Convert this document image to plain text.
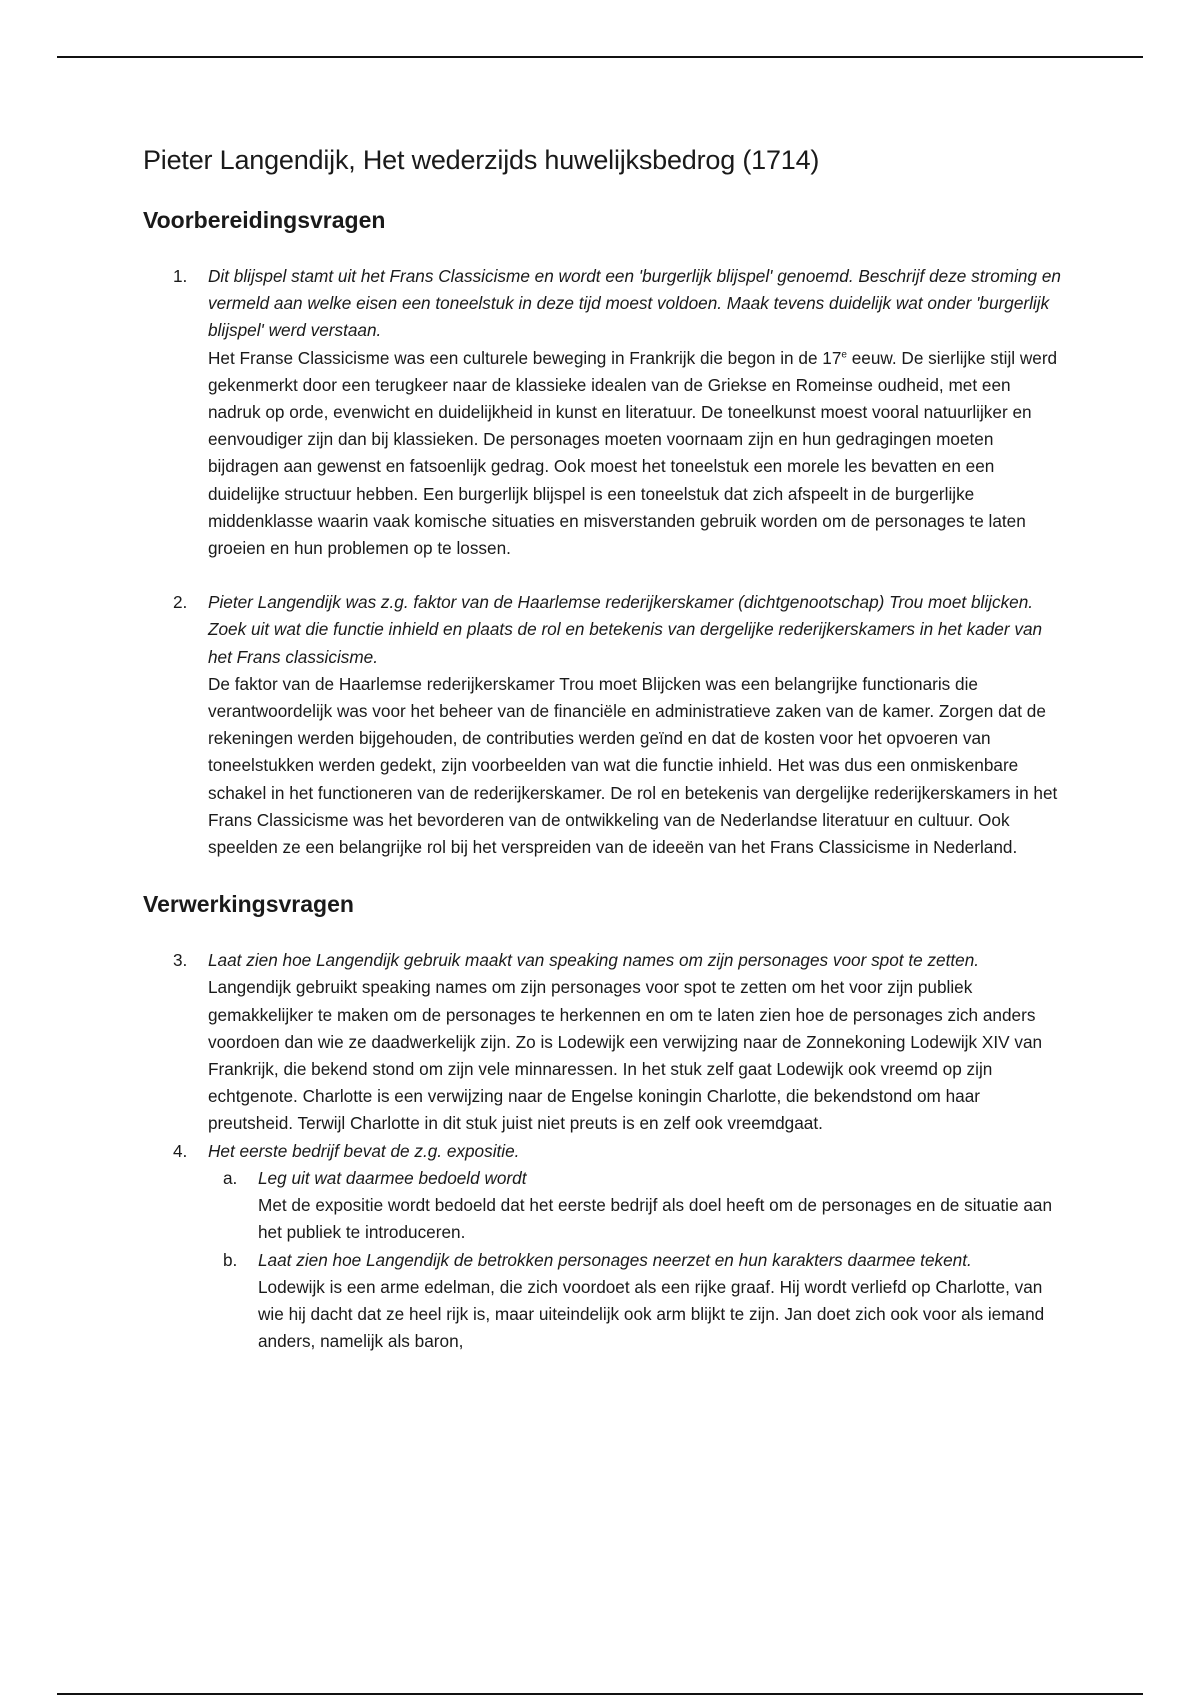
Pieter Langendijk, Het wederzijds huwelijksbedrog (1714)
Voorbereidingsvragen
1. Dit blijspel stamt uit het Frans Classicisme en wordt een 'burgerlijk blijspel' genoemd. Beschrijf deze stroming en vermeld aan welke eisen een toneelstuk in deze tijd moest voldoen. Maak tevens duidelijk wat onder 'burgerlijk blijspel' werd verstaan.
Het Franse Classicisme was een culturele beweging in Frankrijk die begon in de 17e eeuw. De sierlijke stijl werd gekenmerkt door een terugkeer naar de klassieke idealen van de Griekse en Romeinse oudheid, met een nadruk op orde, evenwicht en duidelijkheid in kunst en literatuur. De toneelkunst moest vooral natuurlijker en eenvoudiger zijn dan bij klassieken. De personages moeten voornaam zijn en hun gedragingen moeten bijdragen aan gewenst en fatsoenlijk gedrag. Ook moest het toneelstuk een morele les bevatten en een duidelijke structuur hebben. Een burgerlijk blijspel is een toneelstuk dat zich afspeelt in de burgerlijke middenklasse waarin vaak komische situaties en misverstanden gebruik worden om de personages te laten groeien en hun problemen op te lossen.
2. Pieter Langendijk was z.g. faktor van de Haarlemse rederijkerskamer (dichtgenootschap) Trou moet blijcken. Zoek uit wat die functie inhield en plaats de rol en betekenis van dergelijke rederijkerskamers in het kader van het Frans classicisme.
De faktor van de Haarlemse rederijkerskamer Trou moet Blijcken was een belangrijke functionaris die verantwoordelijk was voor het beheer van de financiële en administratieve zaken van de kamer. Zorgen dat de rekeningen werden bijgehouden, de contributies werden geïnd en dat de kosten voor het opvoeren van toneelstukken werden gedekt, zijn voorbeelden van wat die functie inhield. Het was dus een onmiskenbare schakel in het functioneren van de rederijkerskamer. De rol en betekenis van dergelijke rederijkerskamers in het Frans Classicisme was het bevorderen van de ontwikkeling van de Nederlandse literatuur en cultuur. Ook speelden ze een belangrijke rol bij het verspreiden van de ideeën van het Frans Classicisme in Nederland.
Verwerkingsvragen
3. Laat zien hoe Langendijk gebruik maakt van speaking names om zijn personages voor spot te zetten.
Langendijk gebruikt speaking names om zijn personages voor spot te zetten om het voor zijn publiek gemakkelijker te maken om de personages te herkennen en om te laten zien hoe de personages zich anders voordoen dan wie ze daadwerkelijk zijn. Zo is Lodewijk een verwijzing naar de Zonnekoning Lodewijk XIV van Frankrijk, die bekend stond om zijn vele minnaressen. In het stuk zelf gaat Lodewijk ook vreemd op zijn echtgenote. Charlotte is een verwijzing naar de Engelse koningin Charlotte, die bekendstond om haar preutsheid. Terwijl Charlotte in dit stuk juist niet preuts is en zelf ook vreemdgaat.
4. Het eerste bedrijf bevat de z.g. expositie.
a. Leg uit wat daarmee bedoeld wordt
Met de expositie wordt bedoeld dat het eerste bedrijf als doel heeft om de personages en de situatie aan het publiek te introduceren.
b. Laat zien hoe Langendijk de betrokken personages neerzet en hun karakters daarmee tekent.
Lodewijk is een arme edelman, die zich voordoet als een rijke graaf. Hij wordt verliefd op Charlotte, van wie hij dacht dat ze heel rijk is, maar uiteindelijk ook arm blijkt te zijn. Jan doet zich ook voor als iemand anders, namelijk als baron,
